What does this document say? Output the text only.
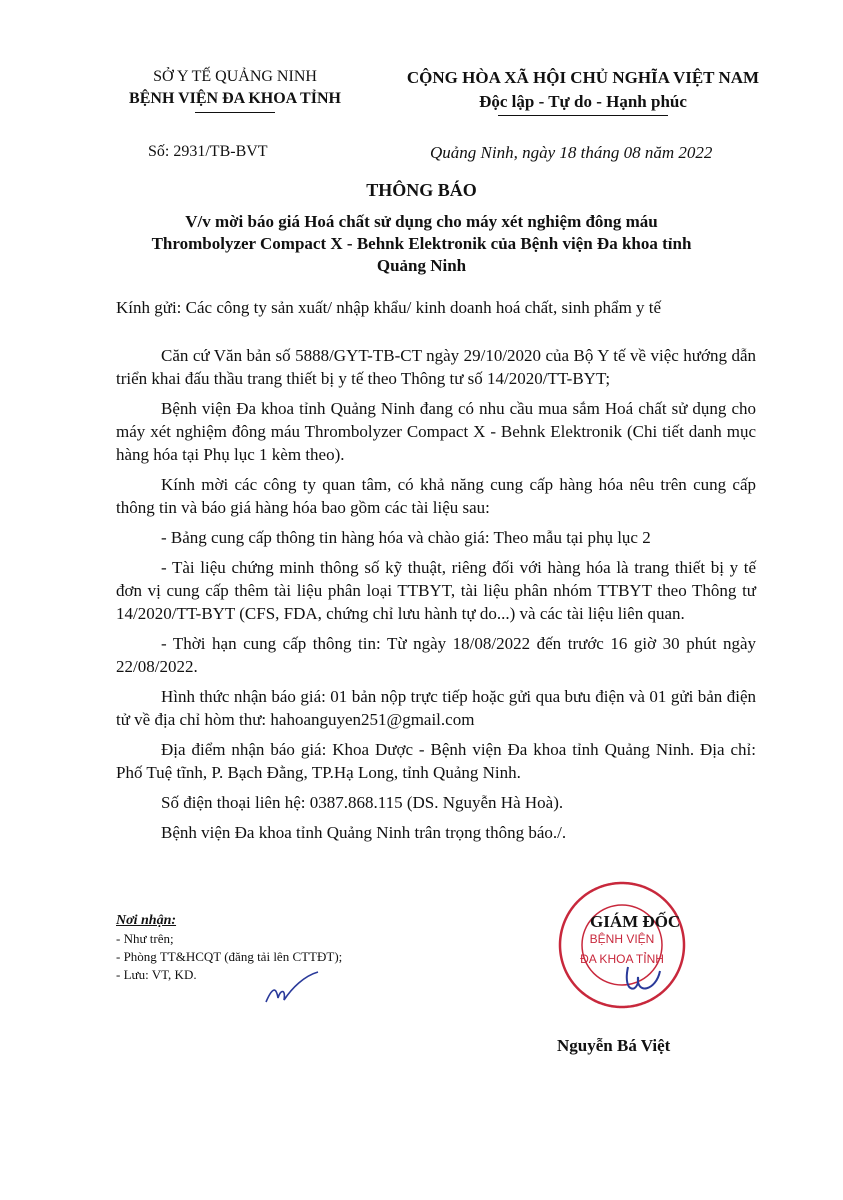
SỞ Y TẾ QUẢNG NINH
BỆNH VIỆN ĐA KHOA TỈNH
CỘNG HÒA XÃ HỘI CHỦ NGHĨA VIỆT NAM
Độc lập - Tự do - Hạnh phúc
Số: 2931/TB-BVT	Quảng Ninh, ngày 18 tháng 08 năm 2022
THÔNG BÁO
V/v mời báo giá Hoá chất sử dụng cho máy xét nghiệm đông máu
Thrombolyzer Compact X - Behnk Elektronik của Bệnh viện Đa khoa tỉnh
Quảng Ninh
Kính gửi: Các công ty sản xuất/ nhập khẩu/ kinh doanh hoá chất, sinh phẩm y tế

Căn cứ Văn bản số 5888/GYT-TB-CT ngày 29/10/2020 của Bộ Y tế về việc hướng dẫn triển khai đấu thầu trang thiết bị y tế theo Thông tư số 14/2020/TT-BYT;

Bệnh viện Đa khoa tỉnh Quảng Ninh đang có nhu cầu mua sắm Hoá chất sử dụng cho máy xét nghiệm đông máu Thrombolyzer Compact X - Behnk Elektronik (Chi tiết danh mục hàng hóa tại Phụ lục 1 kèm theo).

Kính mời các công ty quan tâm, có khả năng cung cấp hàng hóa nêu trên cung cấp thông tin và báo giá hàng hóa bao gồm các tài liệu sau:

- Bảng cung cấp thông tin hàng hóa và chào giá: Theo mẫu tại phụ lục 2

- Tài liệu chứng minh thông số kỹ thuật, riêng đối với hàng hóa là trang thiết bị y tế đơn vị cung cấp thêm tài liệu phân loại TTBYT, tài liệu phân nhóm TTBYT theo Thông tư 14/2020/TT-BYT (CFS, FDA, chứng chỉ lưu hành tự do...) và các tài liệu liên quan.

- Thời hạn cung cấp thông tin: Từ ngày 18/08/2022 đến trước 16 giờ 30 phút ngày 22/08/2022.

Hình thức nhận báo giá: 01 bản nộp trực tiếp hoặc gửi qua bưu điện và 01 gửi bản điện tử về địa chỉ hòm thư: hahoanguyen251@gmail.com

Địa điểm nhận báo giá: Khoa Dược - Bệnh viện Đa khoa tỉnh Quảng Ninh. Địa chỉ: Phố Tuệ tĩnh, P. Bạch Đằng, TP.Hạ Long, tỉnh Quảng Ninh.

Số điện thoại liên hệ: 0387.868.115 (DS. Nguyễn Hà Hoà).

Bệnh viện Đa khoa tỉnh Quảng Ninh trân trọng thông báo./.

Nơi nhận:
- Như trên;
- Phòng TT&HCQT (đăng tải lên CTTĐT);
- Lưu: VT, KD.
BỆNH VIỆN
ĐA KHOA TỈNH
GIÁM ĐỐC
Nguyễn Bá Việt
